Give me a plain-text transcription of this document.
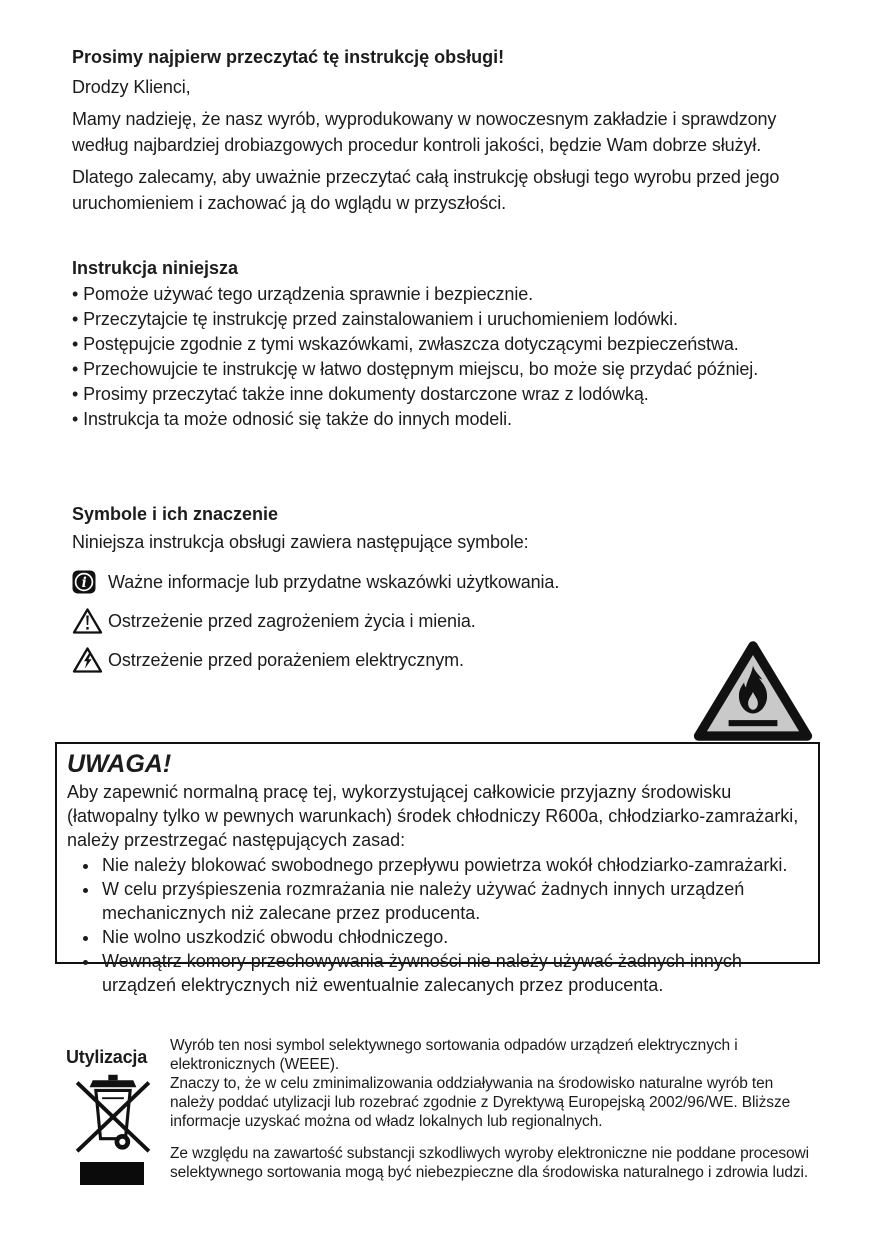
Prosimy najpierw przeczytać tę instrukcję obsługi!

Drodzy Klienci,

Mamy nadzieję, że nasz wyrób, wyprodukowany w nowoczesnym zakładzie i sprawdzony według najbardziej drobiazgowych procedur kontroli jakości, będzie Wam dobrze służył.

Dlatego zalecamy, aby uważnie przeczytać całą instrukcję obsługi tego wyrobu przed jego uruchomieniem i zachować ją do wglądu w przyszłości.

Instrukcja niniejsza

• Pomoże używać tego urządzenia sprawnie i bezpiecznie.

• Przeczytajcie tę instrukcję przed zainstalowaniem i uruchomieniem lodówki.

• Postępujcie zgodnie z tymi wskazówkami, zwłaszcza dotyczącymi bezpieczeństwa.

• Przechowujcie te instrukcję w łatwo dostępnym miejscu, bo może się przydać później.

• Prosimy przeczytać także inne dokumenty dostarczone wraz z lodówką.

• Instrukcja ta może odnosić się także do innych modeli.

Symbole i ich znaczenie

Niniejsza instrukcja obsługi zawiera następujące symbole:

i Ważne informacje lub przydatne wskazówki użytkowania.
Ostrzeżenie przed zagrożeniem życia i mienia.
Ostrzeżenie przed porażeniem elektrycznym.
UWAGA!

Aby zapewnić normalną pracę tej, wykorzystującej całkowicie przyjazny środowisku (łatwopalny tylko w pewnych warunkach) środek chłodniczy R600a, chłodziarko-zamrażarki, należy przestrzegać następujących zasad:

• Nie należy blokować swobodnego przepływu powietrza wokół chłodziarko-zamrażarki.
• W celu przyśpieszenia rozmrażania nie należy używać żadnych innych urządzeń mechanicznych niż zalecane przez producenta.
• Nie wolno uszkodzić obwodu chłodniczego.
• Wewnątrz komory przechowywania żywności nie należy używać żadnych innych urządzeń elektrycznych niż ewentualnie zalecanych przez producenta.
Utylizacja

Wyrób ten nosi symbol selektywnego sortowania odpadów urządzeń elektrycznych i elektronicznych (WEEE).

Znaczy to, że w celu zminimalizowania oddziaływania na środowisko naturalne wyrób ten należy poddać utylizacji lub rozebrać zgodnie z Dyrektywą Europejską 2002/96/WE. Bliższe informacje uzyskać można od władz lokalnych lub regionalnych.

Ze względu na zawartość substancji szkodliwych wyroby elektroniczne nie poddane procesowi selektywnego sortowania mogą być niebezpieczne dla środowiska naturalnego i zdrowia ludzi.
